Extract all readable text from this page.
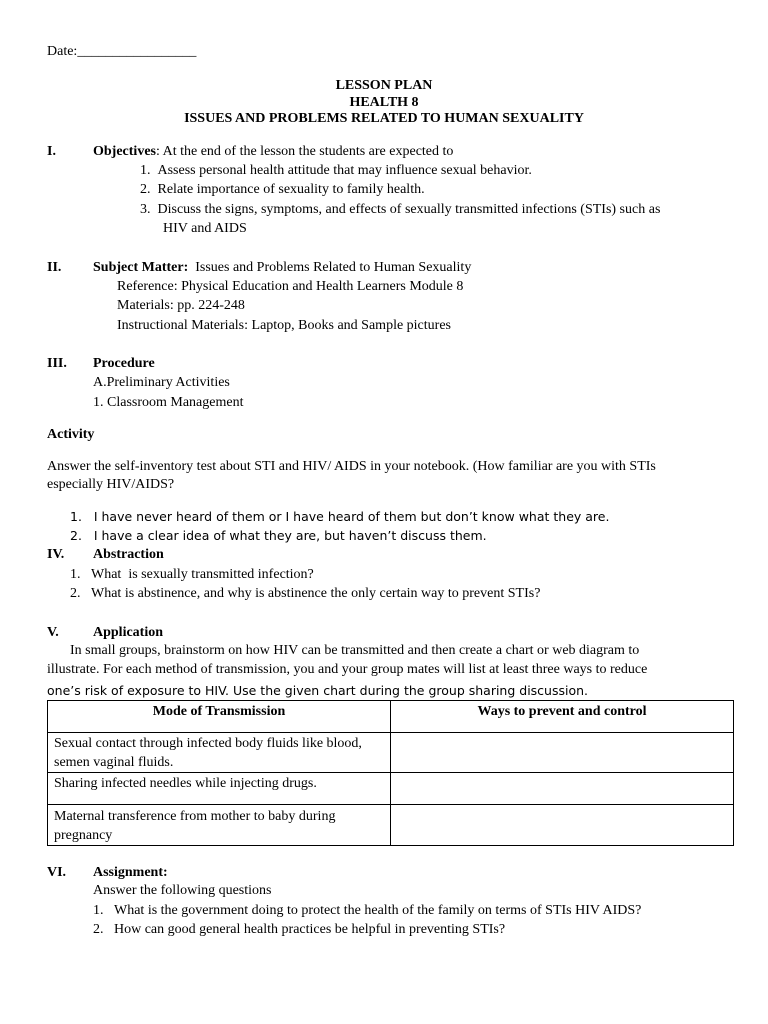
Date:_________________
LESSON PLAN
HEALTH 8
ISSUES AND PROBLEMS RELATED TO HUMAN SEXUALITY
I.	Objectives: At the end of the lesson the students are expected to
1.  Assess personal health attitude that may influence sexual behavior.
2.  Relate importance of sexuality to family health.
3.  Discuss the signs, symptoms, and effects of sexually transmitted infections (STIs) such as
HIV and AIDS
II. Subject Matter: Issues and Problems Related to Human Sexuality
Reference: Physical Education and Health Learners Module 8
Materials: pp. 224-248
Instructional Materials: Laptop, Books and Sample pictures
III. Procedure
A.Preliminary Activities
1. Classroom Management
Activity
Answer the self-inventory test about STI and HIV/ AIDS in your notebook. (How familiar are you with STIs
especially HIV/AIDS?
1.   I have never heard of them or I have heard of them but don’t know what they are.
2.   I have a clear idea of what they are, but haven’t discuss them.
IV. Abstraction
1.   What  is sexually transmitted infection?
2.   What is abstinence, and why is abstinence the only certain way to prevent STIs?
V. Application
In small groups, brainstorm on how HIV can be transmitted and then create a chart or web diagram to
illustrate. For each method of transmission, you and your group mates will list at least three ways to reduce
one’s risk of exposure to HIV. Use the given chart during the group sharing discussion.
Mode of Transmission	Ways to prevent and control
Sexual contact through infected body fluids like blood, semen vaginal fluids.	
Sharing infected needles while injecting drugs.	
Maternal transference from mother to baby during pregnancy	
VI. Assignment:
Answer the following questions
1.   What is the government doing to protect the health of the family on terms of STIs HIV AIDS?
2.   How can good general health practices be helpful in preventing STIs?
